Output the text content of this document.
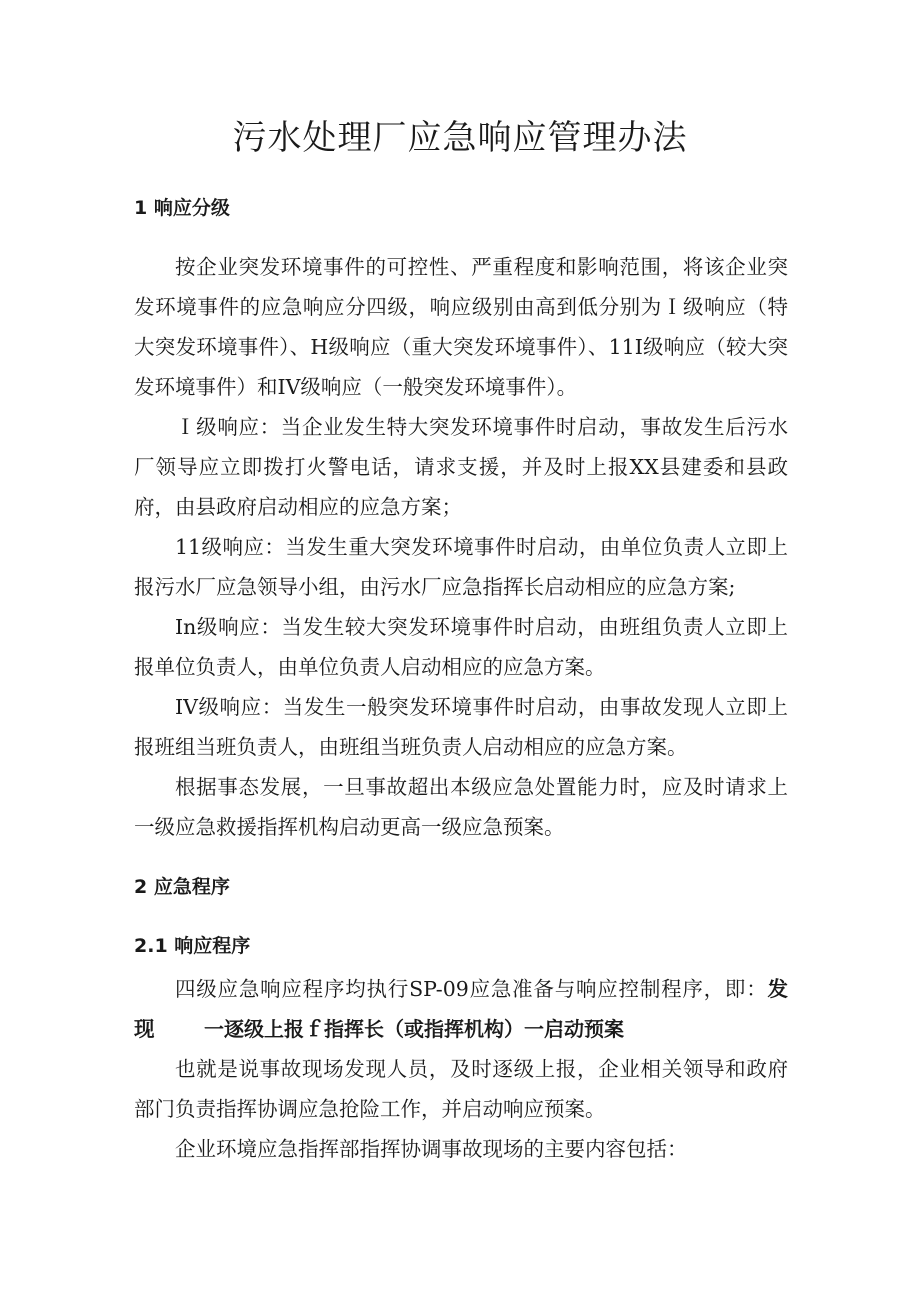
污水处理厂应急响应管理办法
1 响应分级

按企业突发环境事件的可控性、严重程度和影响范围，将该企业突发环境事件的应急响应分四级，响应级别由高到低分别为Ｉ级响应（特大突发环境事件）、H级响应（重大突发环境事件）、11I级响应（较大突发环境事件）和IV级响应（一般突发环境事件）。

Ｉ级响应：当企业发生特大突发环境事件时启动，事故发生后污水厂领导应立即拨打火警电话，请求支援，并及时上报XX县建委和县政府，由县政府启动相应的应急方案；

11级响应：当发生重大突发环境事件时启动，由单位负责人立即上报污水厂应急领导小组，由污水厂应急指挥长启动相应的应急方案;

In级响应：当发生较大突发环境事件时启动，由班组负责人立即上报单位负责人，由单位负责人启动相应的应急方案。

IV级响应：当发生一般突发环境事件时启动，由事故发现人立即上报班组当班负责人，由班组当班负责人启动相应的应急方案。

根据事态发展，一旦事故超出本级应急处置能力时，应及时请求上一级应急救援指挥机构启动更高一级应急预案。

2 应急程序
2.1 响应程序

四级应急响应程序均执行SP-09应急准备与响应控制程序，即：发现	一逐级上报ｆ指挥长（或指挥机构）一启动预案

也就是说事故现场发现人员，及时逐级上报，企业相关领导和政府部门负责指挥协调应急抢险工作，并启动响应预案。

企业环境应急指挥部指挥协调事故现场的主要内容包括：
